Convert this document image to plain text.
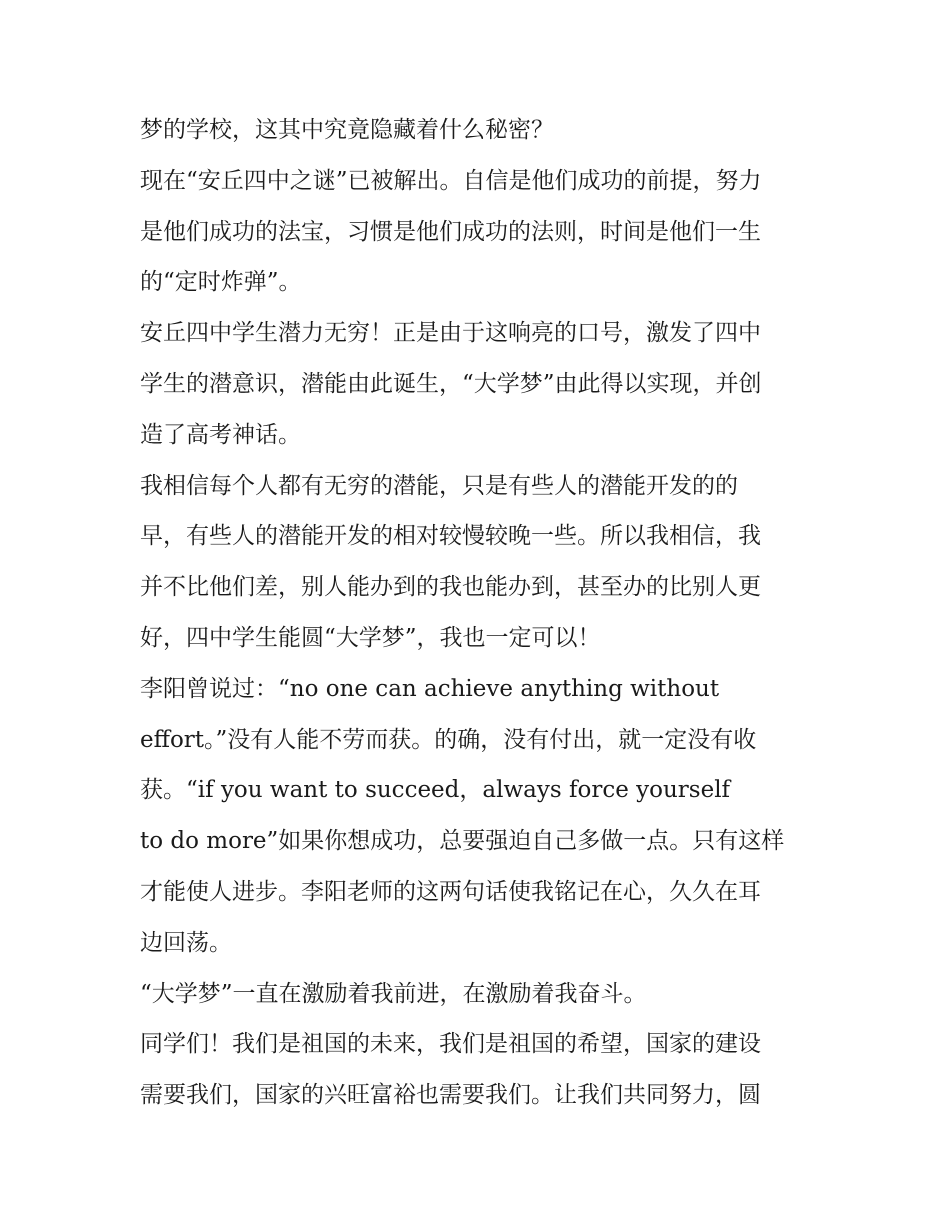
梦的学校，这其中究竟隐藏着什么秘密？
现在“安丘四中之谜”已被解出。自信是他们成功的前提，努力
是他们成功的法宝，习惯是他们成功的法则，时间是他们一生
的“定时炸弹”。
安丘四中学生潜力无穷！正是由于这响亮的口号，激发了四中
学生的潜意识，潜能由此诞生，“大学梦”由此得以实现，并创
造了高考神话。
我相信每个人都有无穷的潜能，只是有些人的潜能开发的的
早，有些人的潜能开发的相对较慢较晚一些。所以我相信，我
并不比他们差，别人能办到的我也能办到，甚至办的比别人更
好，四中学生能圆“大学梦”，我也一定可以！
李阳曾说过：“no one can achieve anything without
effort。”没有人能不劳而获。的确，没有付出，就一定没有收
获。“if you want to succeed，always force yourself
to do more”如果你想成功，总要强迫自己多做一点。只有这样
才能使人进步。李阳老师的这两句话使我铭记在心，久久在耳
边回荡。
“大学梦”一直在激励着我前进，在激励着我奋斗。
同学们！我们是祖国的未来，我们是祖国的希望，国家的建设
需要我们，国家的兴旺富裕也需要我们。让我们共同努力，圆
